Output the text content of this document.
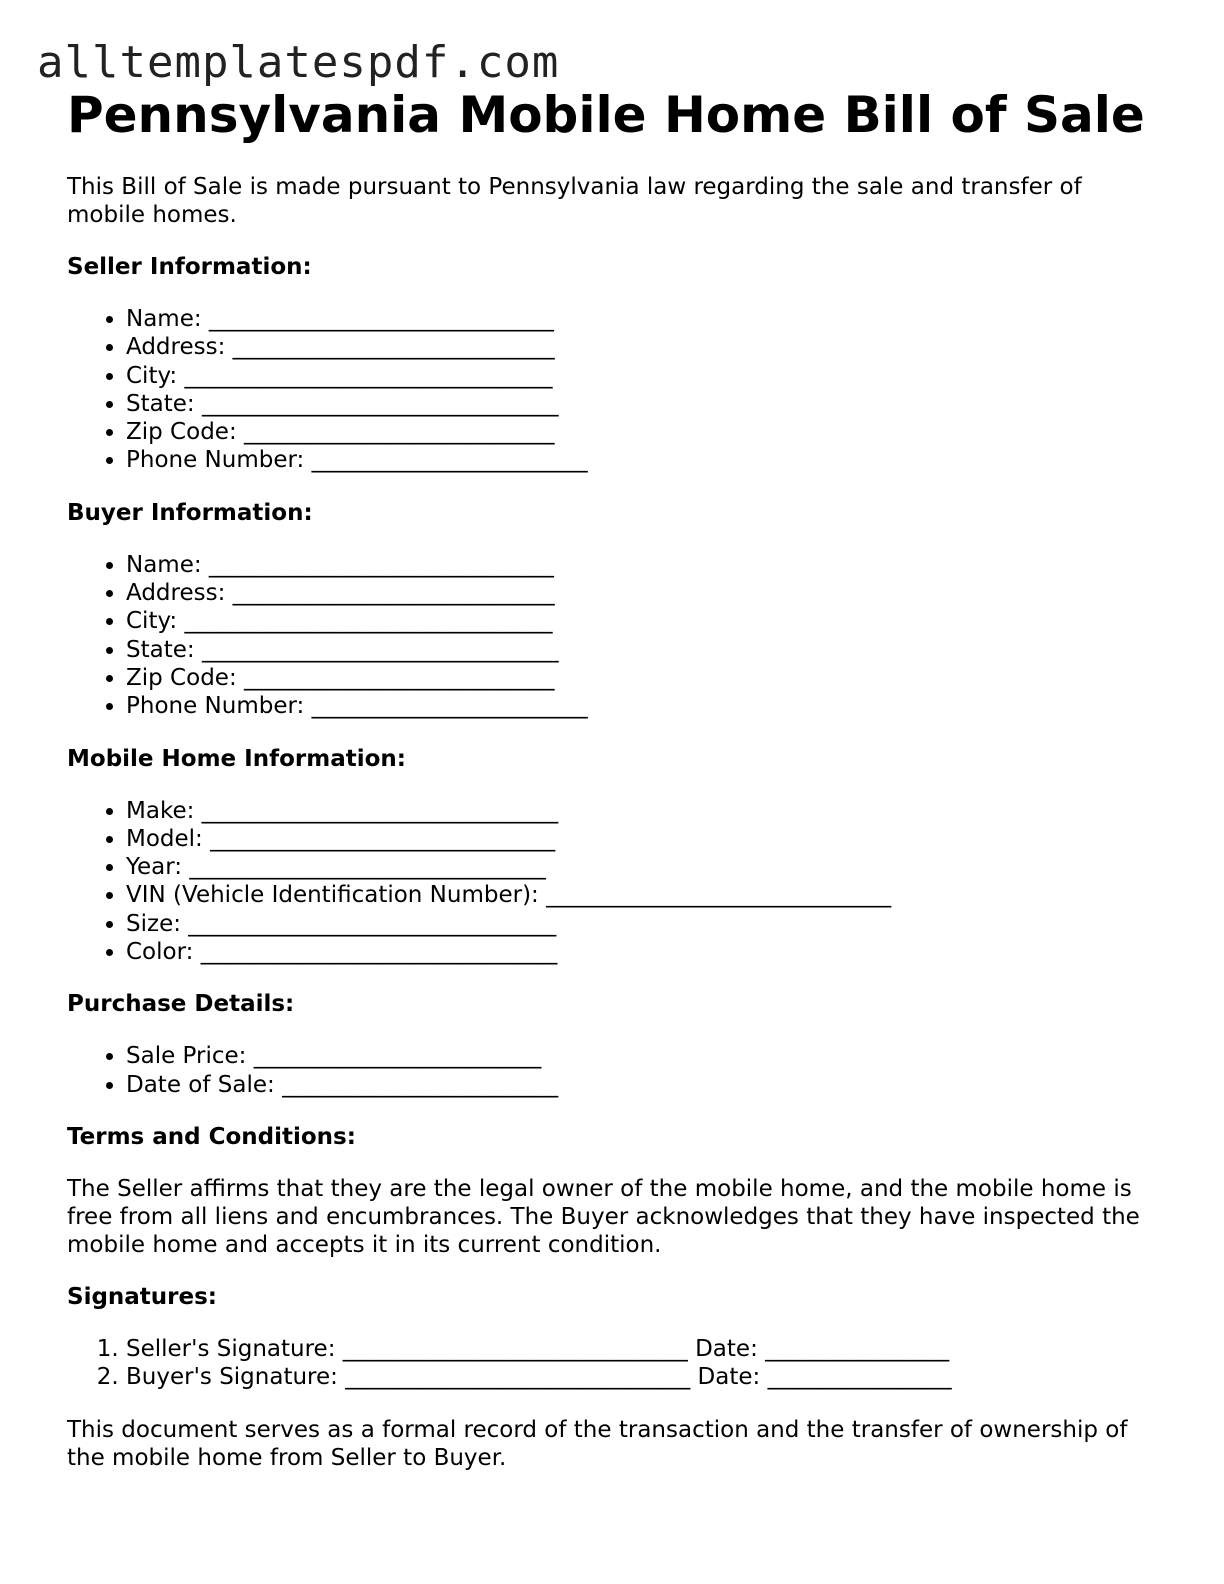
alltemplatespdf.com
Pennsylvania Mobile Home Bill of Sale

This Bill of Sale is made pursuant to Pennsylvania law regarding the sale and transfer of mobile homes.

Seller Information:
• Name: ______________________________
• Address: ____________________________
• City: ________________________________
• State: _______________________________
• Zip Code: ___________________________
• Phone Number: ________________________
Buyer Information:
• Name: ______________________________
• Address: ____________________________
• City: ________________________________
• State: _______________________________
• Zip Code: ___________________________
• Phone Number: ________________________
Mobile Home Information:
• Make: _______________________________
• Model: ______________________________
• Year: _______________________________
• VIN (Vehicle Identification Number): ______________________________
• Size: ________________________________
• Color: _______________________________
Purchase Details:
• Sale Price: _________________________
• Date of Sale: ________________________
Terms and Conditions:

The Seller affirms that they are the legal owner of the mobile home, and the mobile home is free from all liens and encumbrances. The Buyer acknowledges that they have inspected the mobile home and accepts it in its current condition.

Signatures:
1. Seller's Signature: ______________________________ Date: ________________
2. Buyer's Signature: ______________________________ Date: ________________

This document serves as a formal record of the transaction and the transfer of ownership of the mobile home from Seller to Buyer.
